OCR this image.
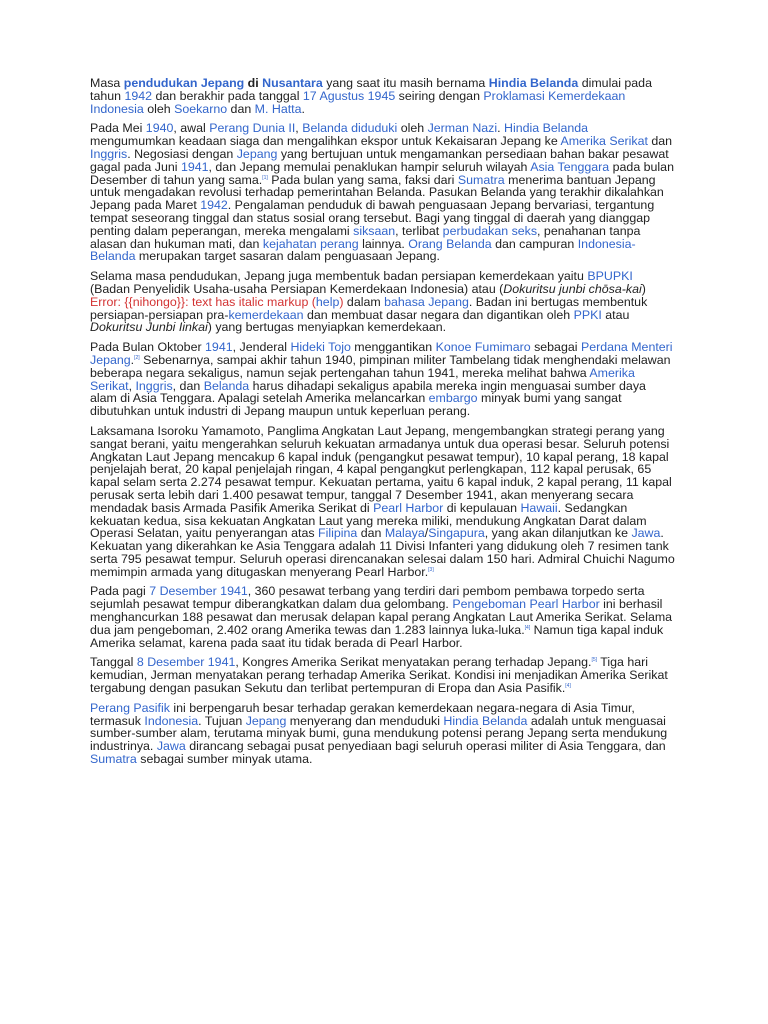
Masa pendudukan Jepang di Nusantara yang saat itu masih bernama Hindia Belanda dimulai pada tahun 1942 dan berakhir pada tanggal 17 Agustus 1945 seiring dengan Proklamasi Kemerdekaan Indonesia oleh Soekarno dan M. Hatta.

Pada Mei 1940, awal Perang Dunia II, Belanda diduduki oleh Jerman Nazi. Hindia Belanda mengumumkan keadaan siaga dan mengalihkan ekspor untuk Kekaisaran Jepang ke Amerika Serikat dan Inggris. Negosiasi dengan Jepang yang bertujuan untuk mengamankan persediaan bahan bakar pesawat gagal pada Juni 1941, dan Jepang memulai penaklukan hampir seluruh wilayah Asia Tenggara pada bulan Desember di tahun yang sama.[1] Pada bulan yang sama, faksi dari Sumatra menerima bantuan Jepang untuk mengadakan revolusi terhadap pemerintahan Belanda. Pasukan Belanda yang terakhir dikalahkan Jepang pada Maret 1942. Pengalaman penduduk di bawah penguasaan Jepang bervariasi, tergantung tempat seseorang tinggal dan status sosial orang tersebut. Bagi yang tinggal di daerah yang dianggap penting dalam peperangan, mereka mengalami siksaan, terlibat perbudakan seks, penahanan tanpa alasan dan hukuman mati, dan kejahatan perang lainnya. Orang Belanda dan campuran Indonesia-Belanda merupakan target sasaran dalam penguasaan Jepang.

Selama masa pendudukan, Jepang juga membentuk badan persiapan kemerdekaan yaitu BPUPKI (Badan Penyelidik Usaha-usaha Persiapan Kemerdekaan Indonesia) atau (Dokuritsu junbi chōsa-kai) Error: {{nihongo}}: text has italic markup (help) dalam bahasa Jepang. Badan ini bertugas membentuk persiapan-persiapan pra-kemerdekaan dan membuat dasar negara dan digantikan oleh PPKI atau Dokuritsu Junbi Iinkai) yang bertugas menyiapkan kemerdekaan.

Pada Bulan Oktober 1941, Jenderal Hideki Tojo menggantikan Konoe Fumimaro sebagai Perdana Menteri Jepang.[2] Sebenarnya, sampai akhir tahun 1940, pimpinan militer Tambelang tidak menghendaki melawan beberapa negara sekaligus, namun sejak pertengahan tahun 1941, mereka melihat bahwa Amerika Serikat, Inggris, dan Belanda harus dihadapi sekaligus apabila mereka ingin menguasai sumber daya alam di Asia Tenggara. Apalagi setelah Amerika melancarkan embargo minyak bumi yang sangat dibutuhkan untuk industri di Jepang maupun untuk keperluan perang.

Laksamana Isoroku Yamamoto, Panglima Angkatan Laut Jepang, mengembangkan strategi perang yang sangat berani, yaitu mengerahkan seluruh kekuatan armadanya untuk dua operasi besar. Seluruh potensi Angkatan Laut Jepang mencakup 6 kapal induk (pengangkut pesawat tempur), 10 kapal perang, 18 kapal penjelajah berat, 20 kapal penjelajah ringan, 4 kapal pengangkut perlengkapan, 112 kapal perusak, 65 kapal selam serta 2.274 pesawat tempur. Kekuatan pertama, yaitu 6 kapal induk, 2 kapal perang, 11 kapal perusak serta lebih dari 1.400 pesawat tempur, tanggal 7 Desember 1941, akan menyerang secara mendadak basis Armada Pasifik Amerika Serikat di Pearl Harbor di kepulauan Hawaii. Sedangkan kekuatan kedua, sisa kekuatan Angkatan Laut yang mereka miliki, mendukung Angkatan Darat dalam Operasi Selatan, yaitu penyerangan atas Filipina dan Malaya/Singapura, yang akan dilanjutkan ke Jawa. Kekuatan yang dikerahkan ke Asia Tenggara adalah 11 Divisi Infanteri yang didukung oleh 7 resimen tank serta 795 pesawat tempur. Seluruh operasi direncanakan selesai dalam 150 hari. Admiral Chuichi Nagumo memimpin armada yang ditugaskan menyerang Pearl Harbor.[3]

Pada pagi 7 Desember 1941, 360 pesawat terbang yang terdiri dari pembom pembawa torpedo serta sejumlah pesawat tempur diberangkatkan dalam dua gelombang. Pengeboman Pearl Harbor ini berhasil menghancurkan 188 pesawat dan merusak delapan kapal perang Angkatan Laut Amerika Serikat. Selama dua jam pengeboman, 2.402 orang Amerika tewas dan 1.283 lainnya luka-luka.[4] Namun tiga kapal induk Amerika selamat, karena pada saat itu tidak berada di Pearl Harbor.

Tanggal 8 Desember 1941, Kongres Amerika Serikat menyatakan perang terhadap Jepang.[5] Tiga hari kemudian, Jerman menyatakan perang terhadap Amerika Serikat. Kondisi ini menjadikan Amerika Serikat tergabung dengan pasukan Sekutu dan terlibat pertempuran di Eropa dan Asia Pasifik.[4]

Perang Pasifik ini berpengaruh besar terhadap gerakan kemerdekaan negara-negara di Asia Timur, termasuk Indonesia. Tujuan Jepang menyerang dan menduduki Hindia Belanda adalah untuk menguasai sumber-sumber alam, terutama minyak bumi, guna mendukung potensi perang Jepang serta mendukung industrinya. Jawa dirancang sebagai pusat penyediaan bagi seluruh operasi militer di Asia Tenggara, dan Sumatra sebagai sumber minyak utama.
